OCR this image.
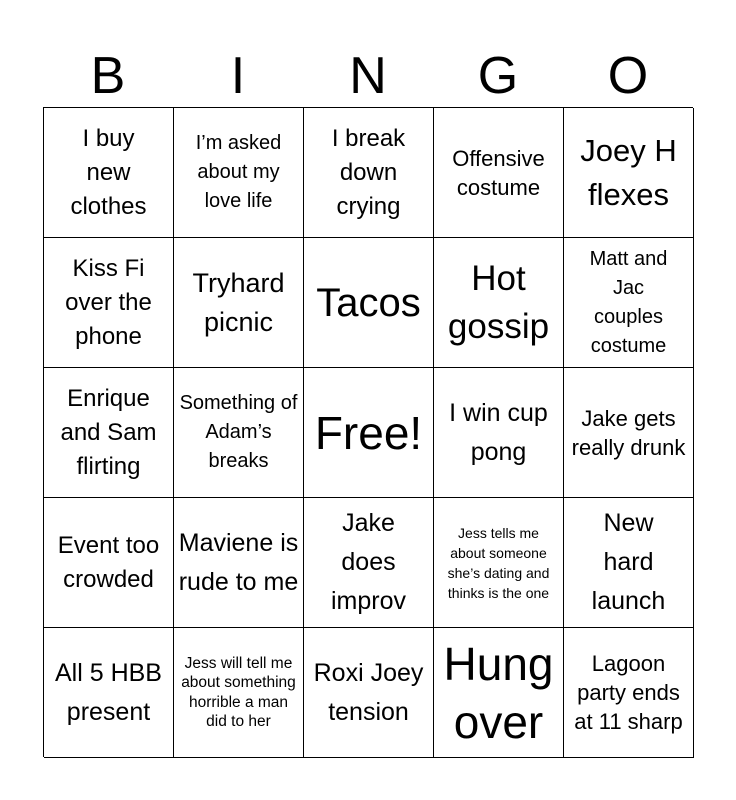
B	I	N	G	O
I buy new clothes
I’m asked about my love life
I break down crying
Offensive costume
Joey H flexes
Kiss Fi over the phone
Tryhard picnic	Tacos
Hot gossip
Matt and Jac couples costume
Enrique and Sam flirting
Something of Adam’s breaks
Free! I win cup pong
Jake gets really drunk
Event too crowded
Maviene is rude to me
Jake does improv
Jess tells me about someone she’s dating and thinks is the one
New hard launch
All 5 HBB present
Jess will tell me about something horrible a man did to her
Roxi Joey tension
Hung over
Lagoon party ends at 11 sharp
